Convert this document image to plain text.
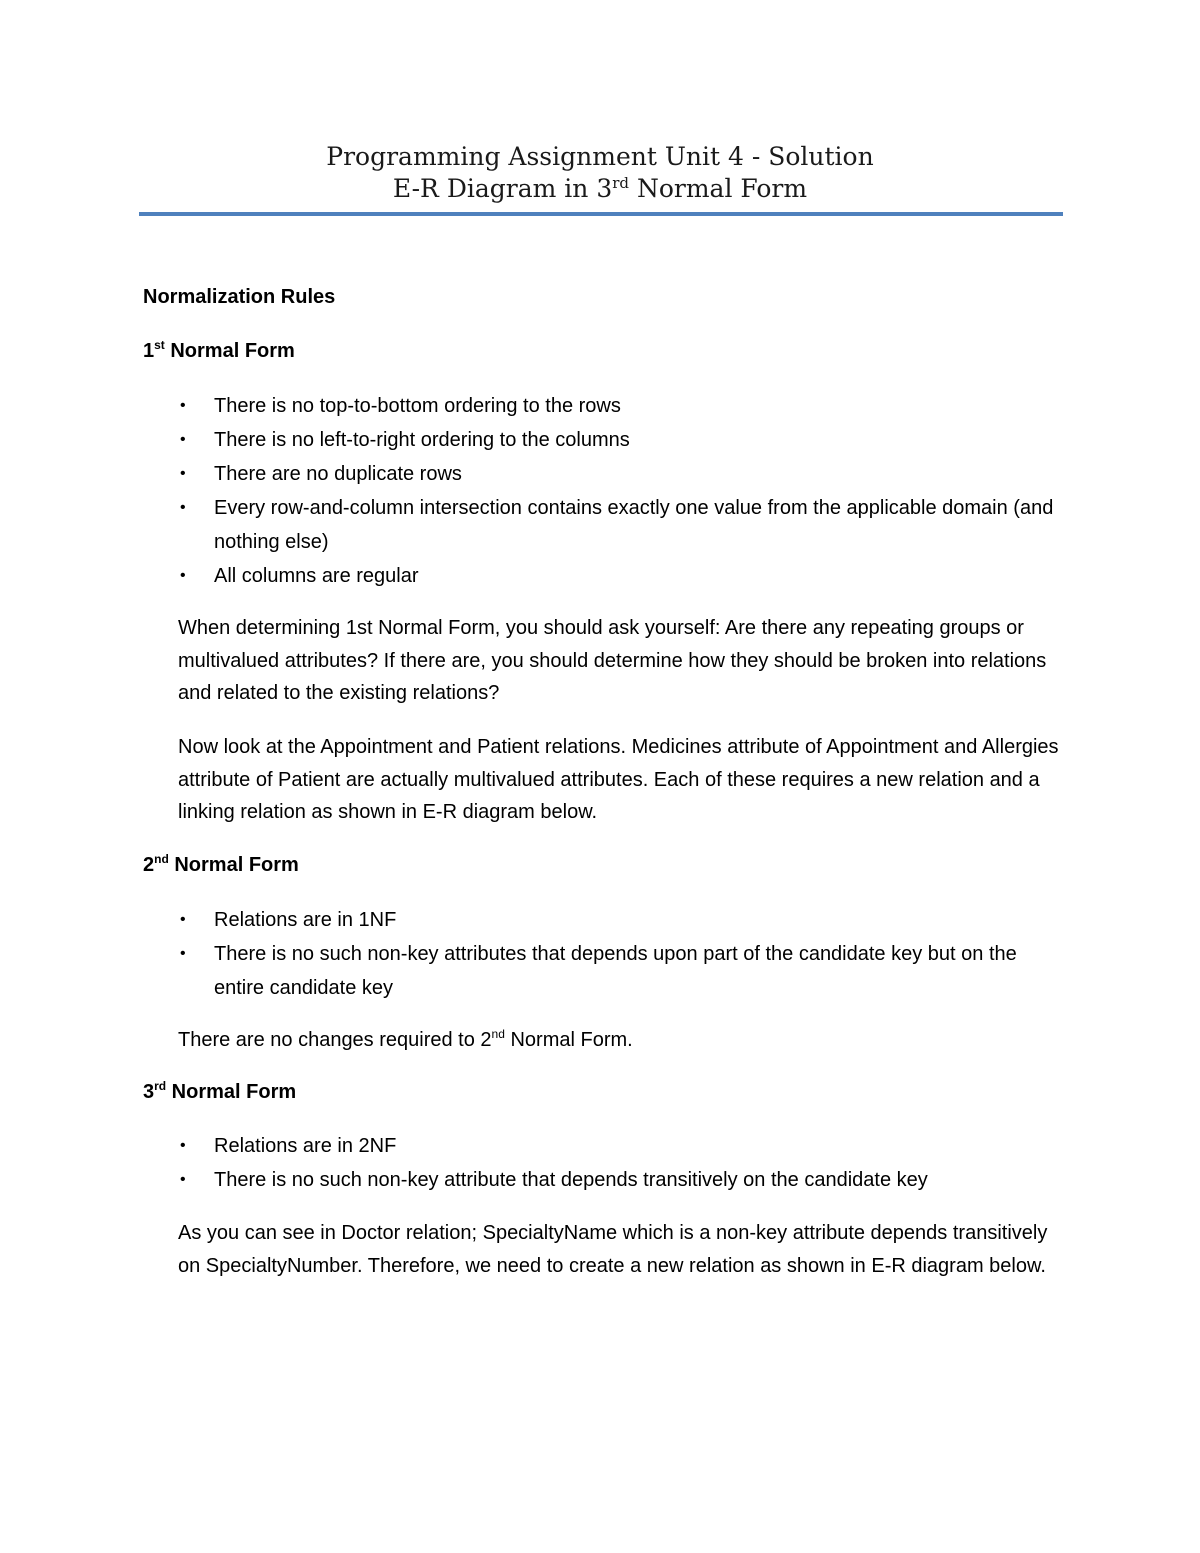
Programming Assignment Unit 4 - Solution
E-R Diagram in 3rd Normal Form
Normalization Rules
1st Normal Form
• There is no top-to-bottom ordering to the rows
• There is no left-to-right ordering to the columns
• There are no duplicate rows
• Every row-and-column intersection contains exactly one value from the applicable domain (and nothing else)
• All columns are regular
When determining 1st Normal Form, you should ask yourself: Are there any repeating groups or multivalued attributes? If there are, you should determine how they should be broken into relations and related to the existing relations?
Now look at the Appointment and Patient relations. Medicines attribute of Appointment and Allergies attribute of Patient are actually multivalued attributes. Each of these requires a new relation and a linking relation as shown in E-R diagram below.
2nd Normal Form
• Relations are in 1NF
• There is no such non-key attributes that depends upon part of the candidate key but on the entire candidate key
There are no changes required to 2nd Normal Form.
3rd Normal Form
• Relations are in 2NF
• There is no such non-key attribute that depends transitively on the candidate key
As you can see in Doctor relation; SpecialtyName which is a non-key attribute depends transitively on SpecialtyNumber. Therefore, we need to create a new relation as shown in E-R diagram below.
